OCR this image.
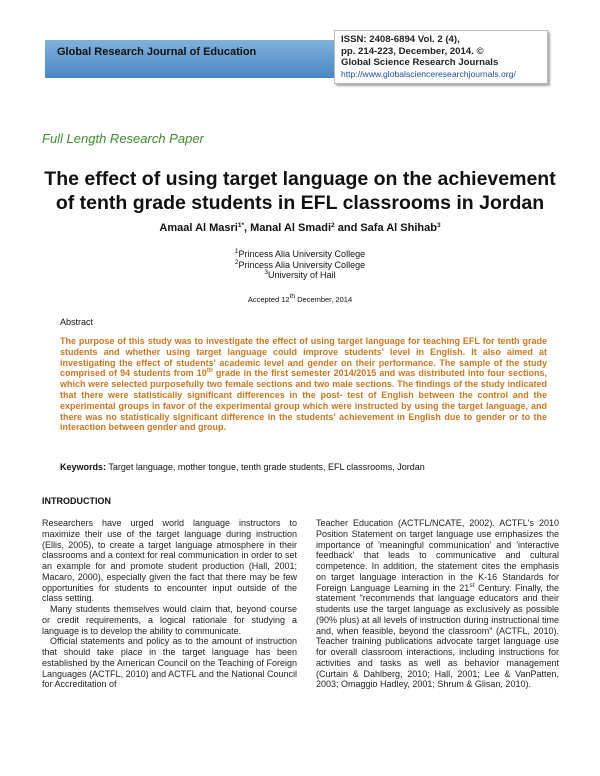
Global Research Journal of Education
ISSN: 2408-6894 Vol. 2 (4),
pp. 214-223, December, 2014. ©
Global Science Research Journals
http://www.globalscienceresearchjournals.org/
Full Length Research Paper
The effect of using target language on the achievement of tenth grade students in EFL classrooms in Jordan
Amaal Al Masri$^{1*}$, Manal Al Smadi$^2$ and Safa Al Shihab$^3$
$^1$Princess Alia University College
$^2$Princess Alia University College
$^3$University of Hail
Accepted 12th December, 2014
Abstract
The purpose of this study was to investigate the effect of using target language for teaching EFL for tenth grade students and whether using target language could improve students' level in English. It also aimed at investigating the effect of students' academic level and gender on their performance. The sample of the study comprised of 94 students from 10th grade in the first semester 2014/2015 and was distributed into four sections, which were selected purposefully two female sections and two male sections. The findings of the study indicated that there were statistically significant differences in the post- test of English between the control and the experimental groups in favor of the experimental group which were instructed by using the target language, and there was no statistically significant difference in the students' achievement in English due to gender or to the interaction between gender and group.
Keywords: Target language, mother tongue, tenth grade students, EFL classrooms, Jordan
INTRODUCTION

Researchers have urged world language instructors to maximize their use of the target language during instruction (Ellis, 2005), to create a target language atmosphere in their classrooms and a context for real communication in order to set an example for and promote student production (Hall, 2001; Macaro, 2000), especially given the fact that there may be few opportunities for students to encounter input outside of the class setting.

Many students themselves would claim that, beyond course or credit requirements, a logical rationale for studying a language is to develop the ability to communicate.

Official statements and policy as to the amount of instruction that should take place in the target language has been established by the American Council on the Teaching of Foreign Languages (ACTFL, 2010) and ACTFL and the National Council for Accreditation of

Teacher Education (ACTFL/NCATE, 2002). ACTFL's 2010 Position Statement on target language use emphasizes the importance of 'meaningful communication' and 'interactive feedback' that leads to communicative and cultural competence. In addition, the statement cites the emphasis on target language interaction in the K-16 Standards for Foreign Language Learning in the 21st Century. Finally, the statement "recommends that language educators and their students use the target language as exclusively as possible (90% plus) at all levels of instruction during instructional time and, when feasible, beyond the classroom" (ACTFL, 2010). Teacher training publications advocate target language use for overall classroom interactions, including instructions for activities and tasks as well as behavior management (Curtain & Dahlberg, 2010; Hall, 2001; Lee & VanPatten, 2003; Omaggio Hadley, 2001; Shrum & Glisan, 2010).
